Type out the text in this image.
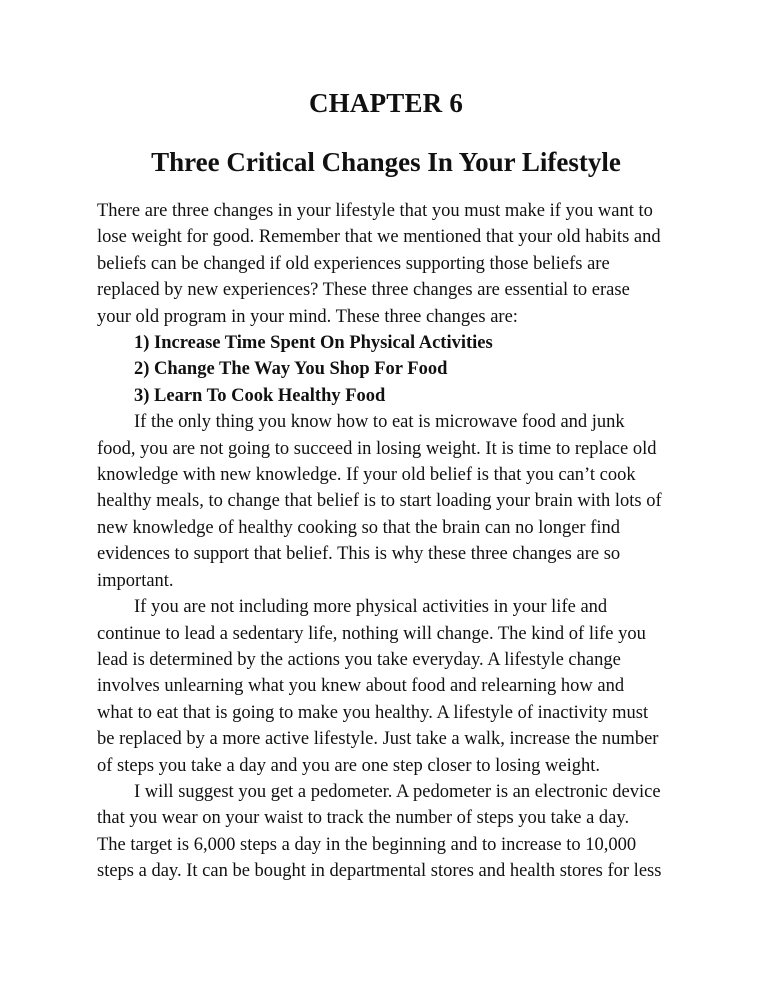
CHAPTER 6
Three Critical Changes In Your Lifestyle

There are three changes in your lifestyle that you must make if you want to
lose weight for good. Remember that we mentioned that your old habits and
beliefs can be changed if old experiences supporting those beliefs are
replaced by new experiences? These three changes are essential to erase
your old program in your mind. These three changes are:

1) Increase Time Spent On Physical Activities
2) Change The Way You Shop For Food
3) Learn To Cook Healthy Food

If the only thing you know how to eat is microwave food and junk
food, you are not going to succeed in losing weight. It is time to replace old
knowledge with new knowledge. If your old belief is that you can’t cook
healthy meals, to change that belief is to start loading your brain with lots of
new knowledge of healthy cooking so that the brain can no longer find
evidences to support that belief. This is why these three changes are so
important.

If you are not including more physical activities in your life and
continue to lead a sedentary life, nothing will change. The kind of life you
lead is determined by the actions you take everyday. A lifestyle change
involves unlearning what you knew about food and relearning how and
what to eat that is going to make you healthy. A lifestyle of inactivity must
be replaced by a more active lifestyle. Just take a walk, increase the number
of steps you take a day and you are one step closer to losing weight.

I will suggest you get a pedometer. A pedometer is an electronic device
that you wear on your waist to track the number of steps you take a day.
The target is 6,000 steps a day in the beginning and to increase to 10,000
steps a day. It can be bought in departmental stores and health stores for less
